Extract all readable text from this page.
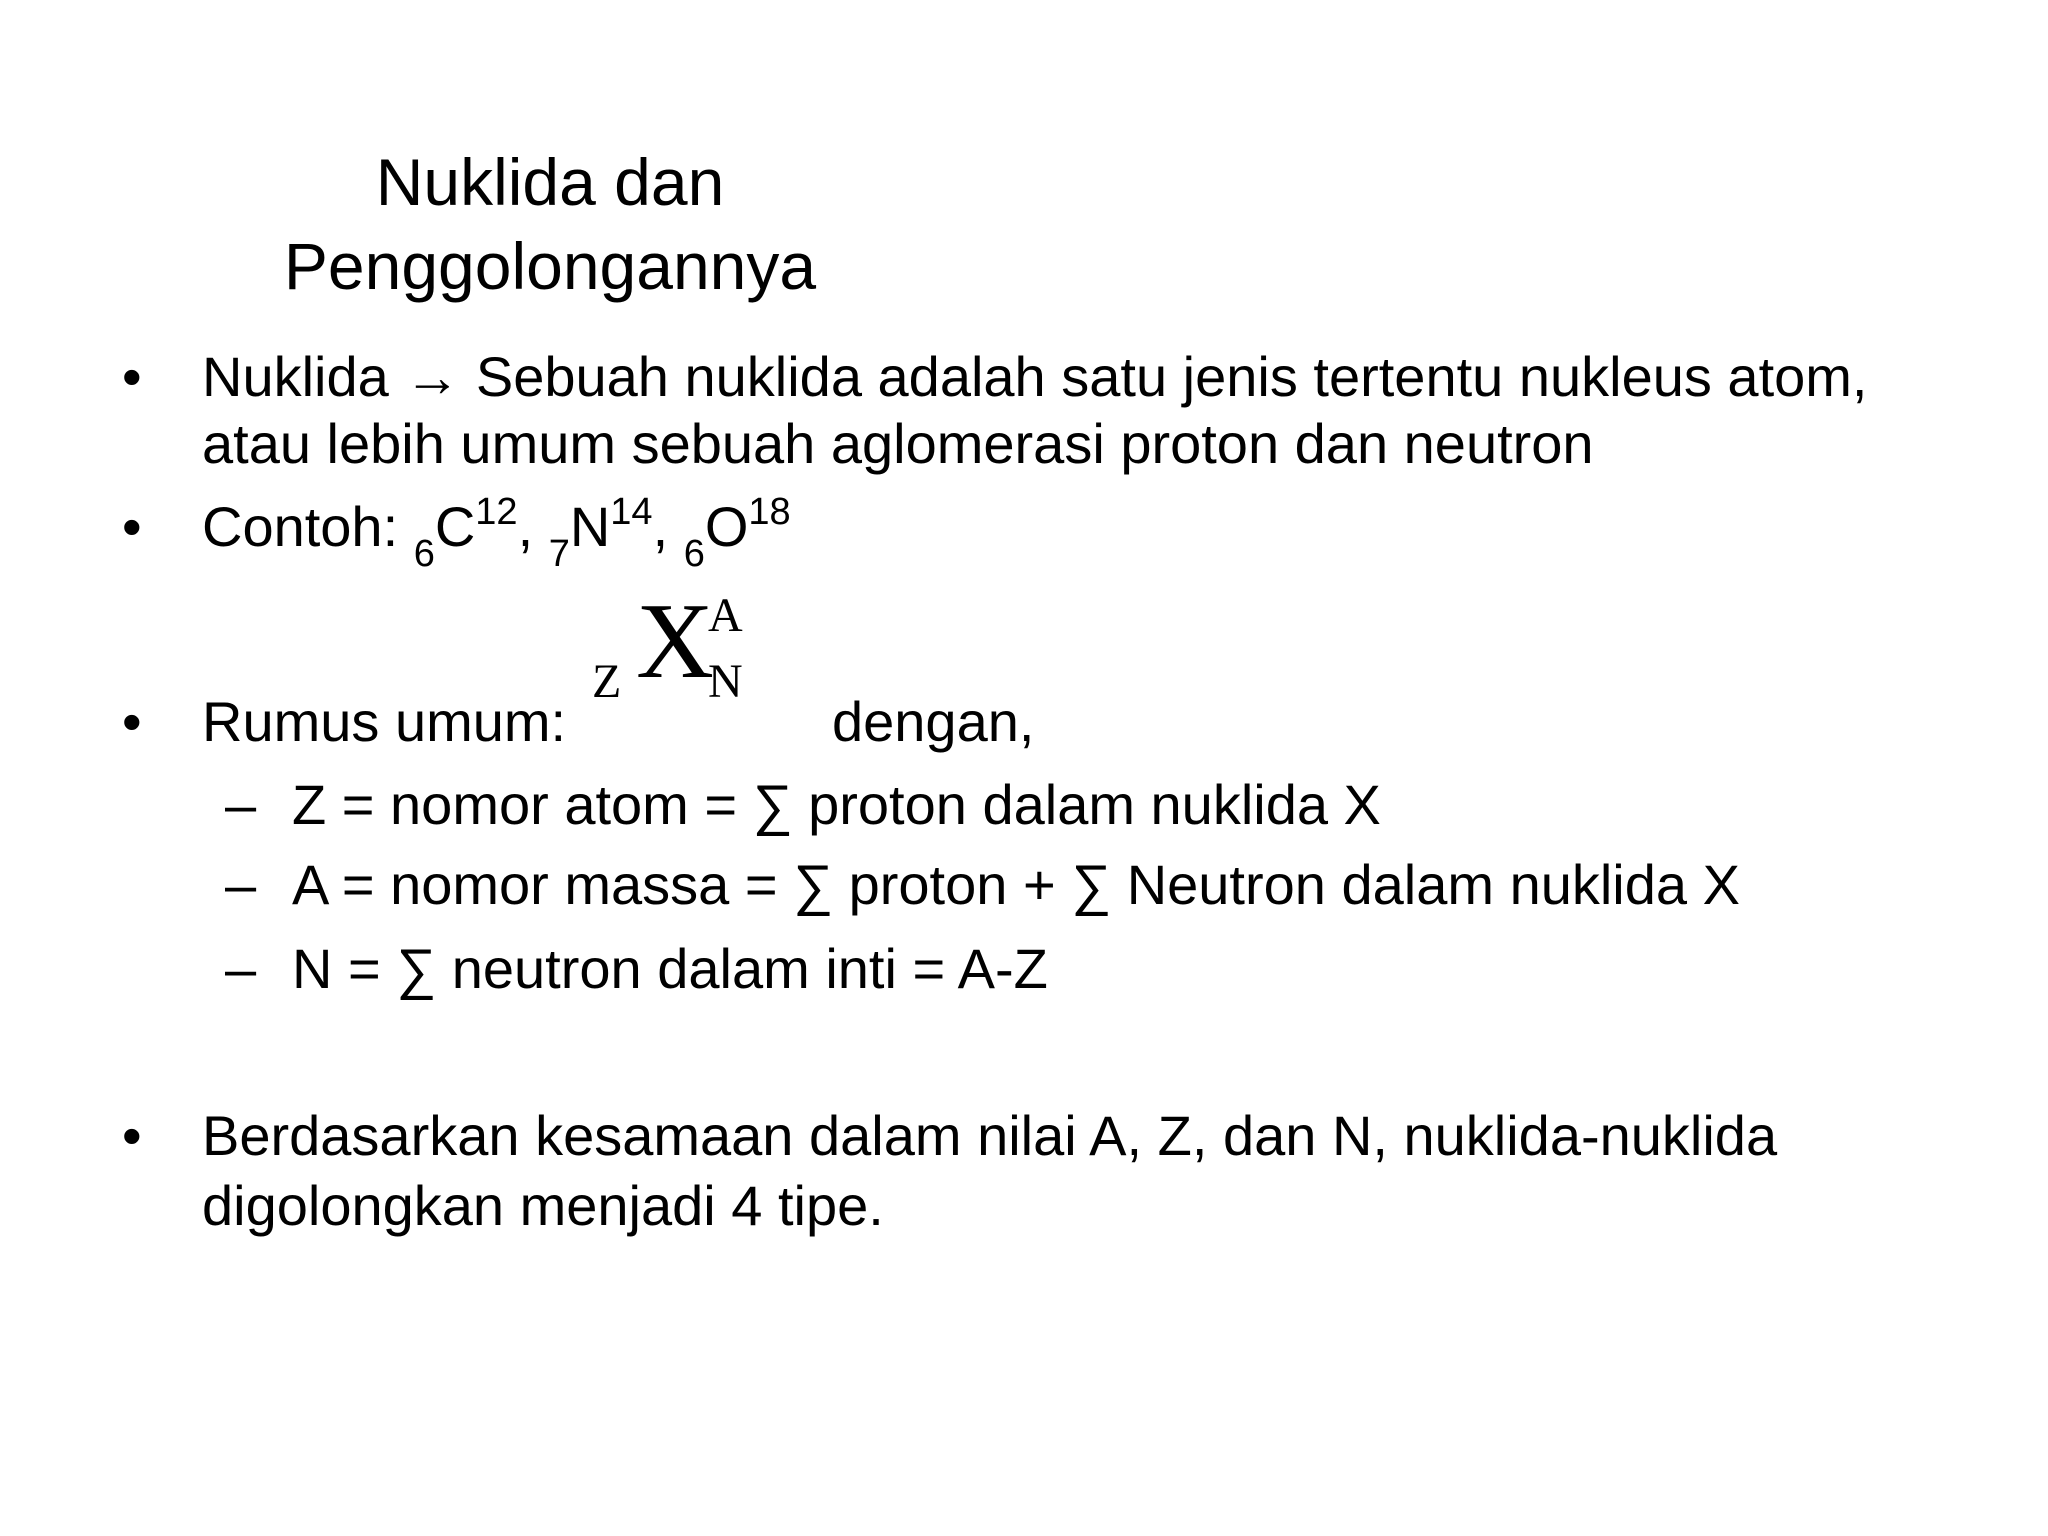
Nuklida dan
Penggolongannya
• Nuklida → Sebuah nuklida adalah satu jenis tertentu nukleus atom,
atau lebih umum sebuah aglomerasi proton dan neutron
• Contoh: $_6C^{12}$, $_7N^{14}$, $_6O^{18}$
Z X
A
N
• Rumus umum:	dengan,
– Z = nomor atom = ∑ proton dalam nuklida X
– A = nomor massa = ∑ proton + ∑ Neutron dalam nuklida X
– N = ∑ neutron dalam inti = A-Z
• Berdasarkan kesamaan dalam nilai A, Z, dan N, nuklida-nuklida
digolongkan menjadi 4 tipe.
